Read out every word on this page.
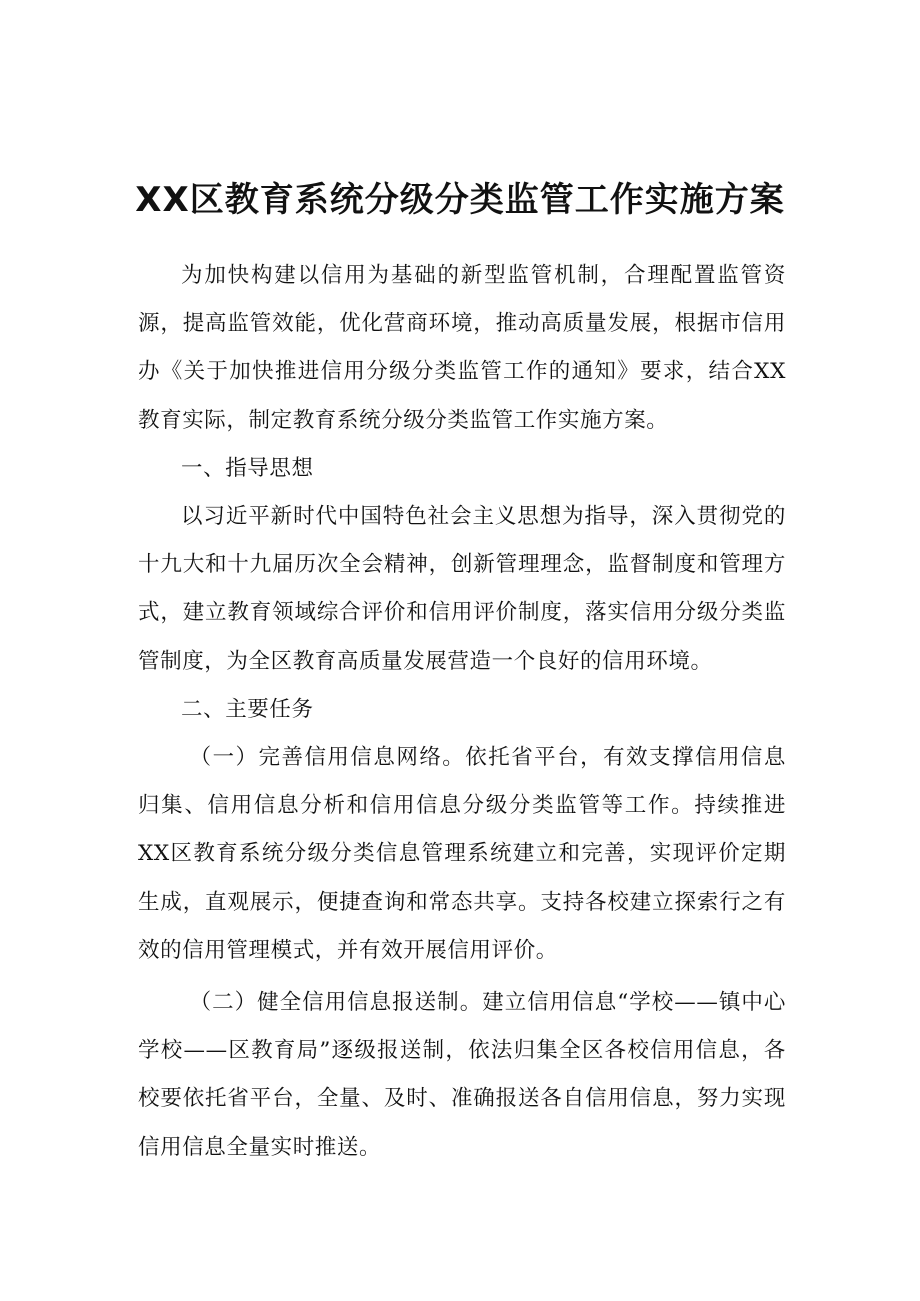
XX区教育系统分级分类监管工作实施方案

为加快构建以信用为基础的新型监管机制，合理配置监管资源，提高监管效能，优化营商环境，推动高质量发展，根据市信用办《关于加快推进信用分级分类监管工作的通知》要求，结合XX教育实际，制定教育系统分级分类监管工作实施方案。

一、指导思想

以习近平新时代中国特色社会主义思想为指导，深入贯彻党的十九大和十九届历次全会精神，创新管理理念，监督制度和管理方式，建立教育领域综合评价和信用评价制度，落实信用分级分类监管制度，为全区教育高质量发展营造一个良好的信用环境。

二、主要任务

（一）完善信用信息网络。依托省平台，有效支撑信用信息归集、信用信息分析和信用信息分级分类监管等工作。持续推进XX区教育系统分级分类信息管理系统建立和完善，实现评价定期生成，直观展示，便捷查询和常态共享。支持各校建立探索行之有效的信用管理模式，并有效开展信用评价。

（二）健全信用信息报送制。建立信用信息“学校——镇中心学校——区教育局”逐级报送制，依法归集全区各校信用信息，各校要依托省平台，全量、及时、准确报送各自信用信息，努力实现信用信息全量实时推送。
